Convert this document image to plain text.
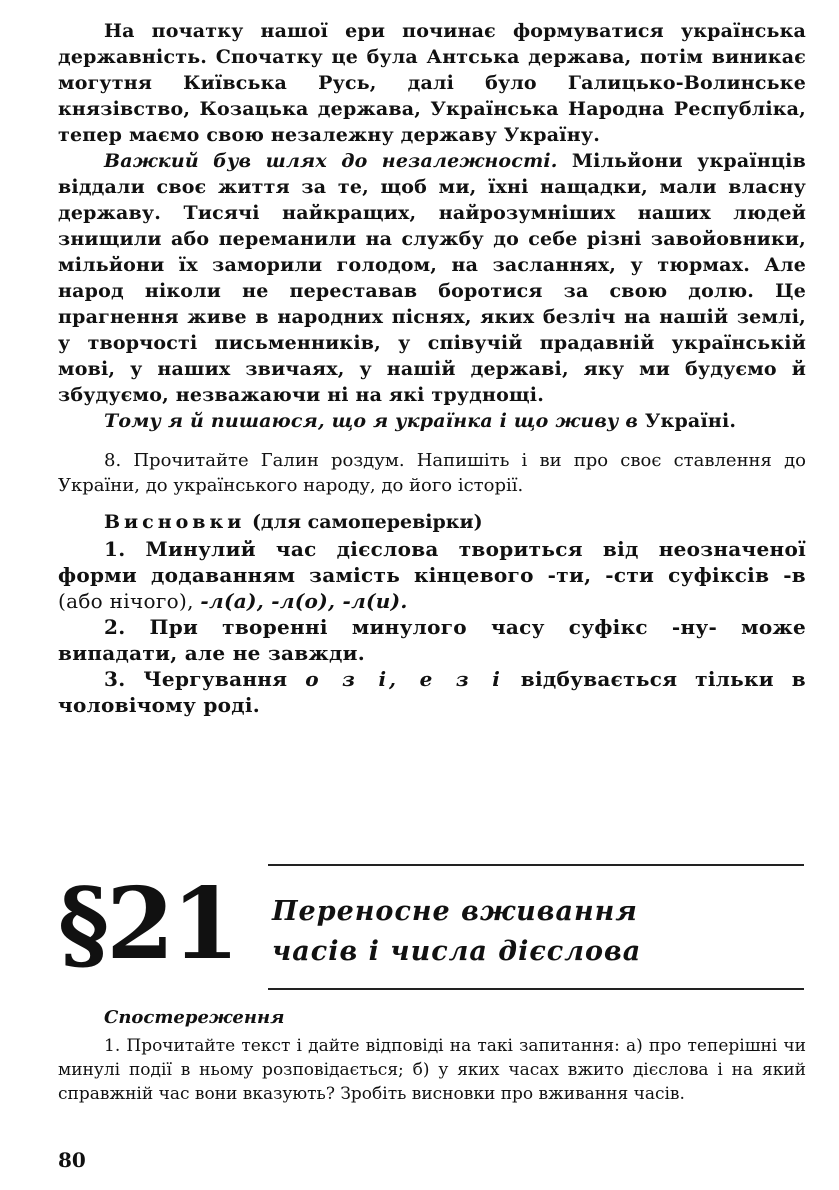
На початку нашої ери починає формуватися українська державність. Спочатку це була Антська держава, потім виникає могутня Київська Русь, далі було Галицько-Волинське князівство, Козацька держава, Українська Народна Республіка, тепер маємо свою незалежну державу Україну.

Важкий був шлях до незалежності. Мільйони українців віддали своє життя за те, щоб ми, їхні нащадки, мали власну державу. Тисячі найкращих, найрозумніших наших людей знищили або переманили на службу до себе різні завойовники, мільйони їх заморили голодом, на засланнях, у тюрмах. Але народ ніколи не переставав боротися за свою долю. Це прагнення живе в народних піснях, яких безліч на нашій землі, у творчості письменників, у співучій прадавній українській мові, у наших звичаях, у нашій державі, яку ми будуємо й збудуємо, незважаючи ні на які труднощі.

Тому я й пишаюся, що я українка і що живу в Україні.

8. Прочитайте Галин роздум. Напишіть і ви про своє ставлення до України, до українського народу, до його історії.

Висновки (для самоперевірки)

1. Минулий час дієслова твориться від неозначеної форми додаванням замість кінцевого -ти, -сти суфіксів -в (або нічого), -л(а), -л(о), -л(и).

2. При творенні минулого часу суфікс -ну- може випадати, але не завжди.

3. Чергування о з і, е з і відбувається тільки в чоловічому роді.

§21 Переносне вживання
часів і числа дієслова

Спостереження

1. Прочитайте текст і дайте відповіді на такі запитання: а) про теперішні чи минулі події в ньому розповідається; б) у яких часах вжито дієслова і на який справжній час вони вказують? Зробіть висновки про вживання часів.

80
